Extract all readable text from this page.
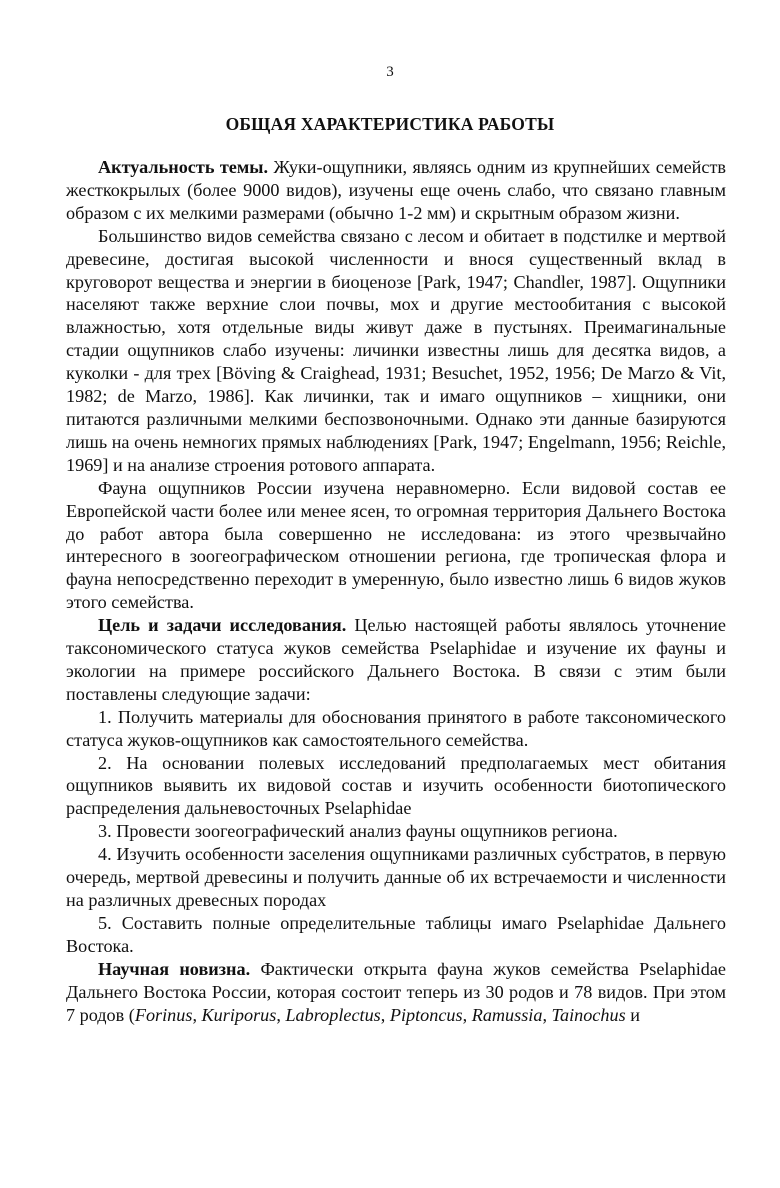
3
ОБЩАЯ ХАРАКТЕРИСТИКА РАБОТЫ

Актуальность темы. Жуки-ощупники, являясь одним из крупнейших семейств жесткокрылых (более 9000 видов), изучены еще очень слабо, что связано главным образом с их мелкими размерами (обычно 1-2 мм) и скрытным образом жизни.

Большинство видов семейства связано с лесом и обитает в подстилке и мертвой древесине, достигая высокой численности и внося существенный вклад в круговорот вещества и энергии в биоценозе [Park, 1947; Chandler, 1987]. Ощупники населяют также верхние слои почвы, мох и другие местообитания с высокой влажностью, хотя отдельные виды живут даже в пустынях. Преимагинальные стадии ощупников слабо изучены: личинки известны лишь для десятка видов, а куколки - для трех [Böving & Craighead, 1931; Besuchet, 1952, 1956; De Marzo & Vit, 1982; de Marzo, 1986]. Как личинки, так и имаго ощупников – хищники, они питаются различными мелкими беспозвоночными. Однако эти данные базируются лишь на очень немногих прямых наблюдениях [Park, 1947; Engelmann, 1956; Reichle, 1969] и на анализе строения ротового аппарата.

Фауна ощупников России изучена неравномерно. Если видовой состав ее Европейской части более или менее ясен, то огромная территория Дальнего Востока до работ автора была совершенно не исследована: из этого чрезвычайно интересного в зоогеографическом отношении региона, где тропическая флора и фауна непосредственно переходит в умеренную, было известно лишь 6 видов жуков этого семейства.

Цель и задачи исследования. Целью настоящей работы являлось уточнение таксономического статуса жуков семейства Pselaphidae и изучение их фауны и экологии на примере российского Дальнего Востока. В связи с этим были поставлены следующие задачи:

1. Получить материалы для обоснования принятого в работе таксономического статуса жуков-ощупников как самостоятельного семейства.

2. На основании полевых исследований предполагаемых мест обитания ощупников выявить их видовой состав и изучить особенности биотопического распределения дальневосточных Pselaphidae

3. Провести зоогеографический анализ фауны ощупников региона.

4. Изучить особенности заселения ощупниками различных субстратов, в первую очередь, мертвой древесины и получить данные об их встречаемости и численности на различных древесных породах

5. Составить полные определительные таблицы имаго Pselaphidae Дальнего Востока.

Научная новизна. Фактически открыта фауна жуков семейства Pselaphidae Дальнего Востока России, которая состоит теперь из 30 родов и 78 видов. При этом 7 родов (Forinus, Kuriporus, Labroplectus, Piptoncus, Ramussia, Tainochus и
